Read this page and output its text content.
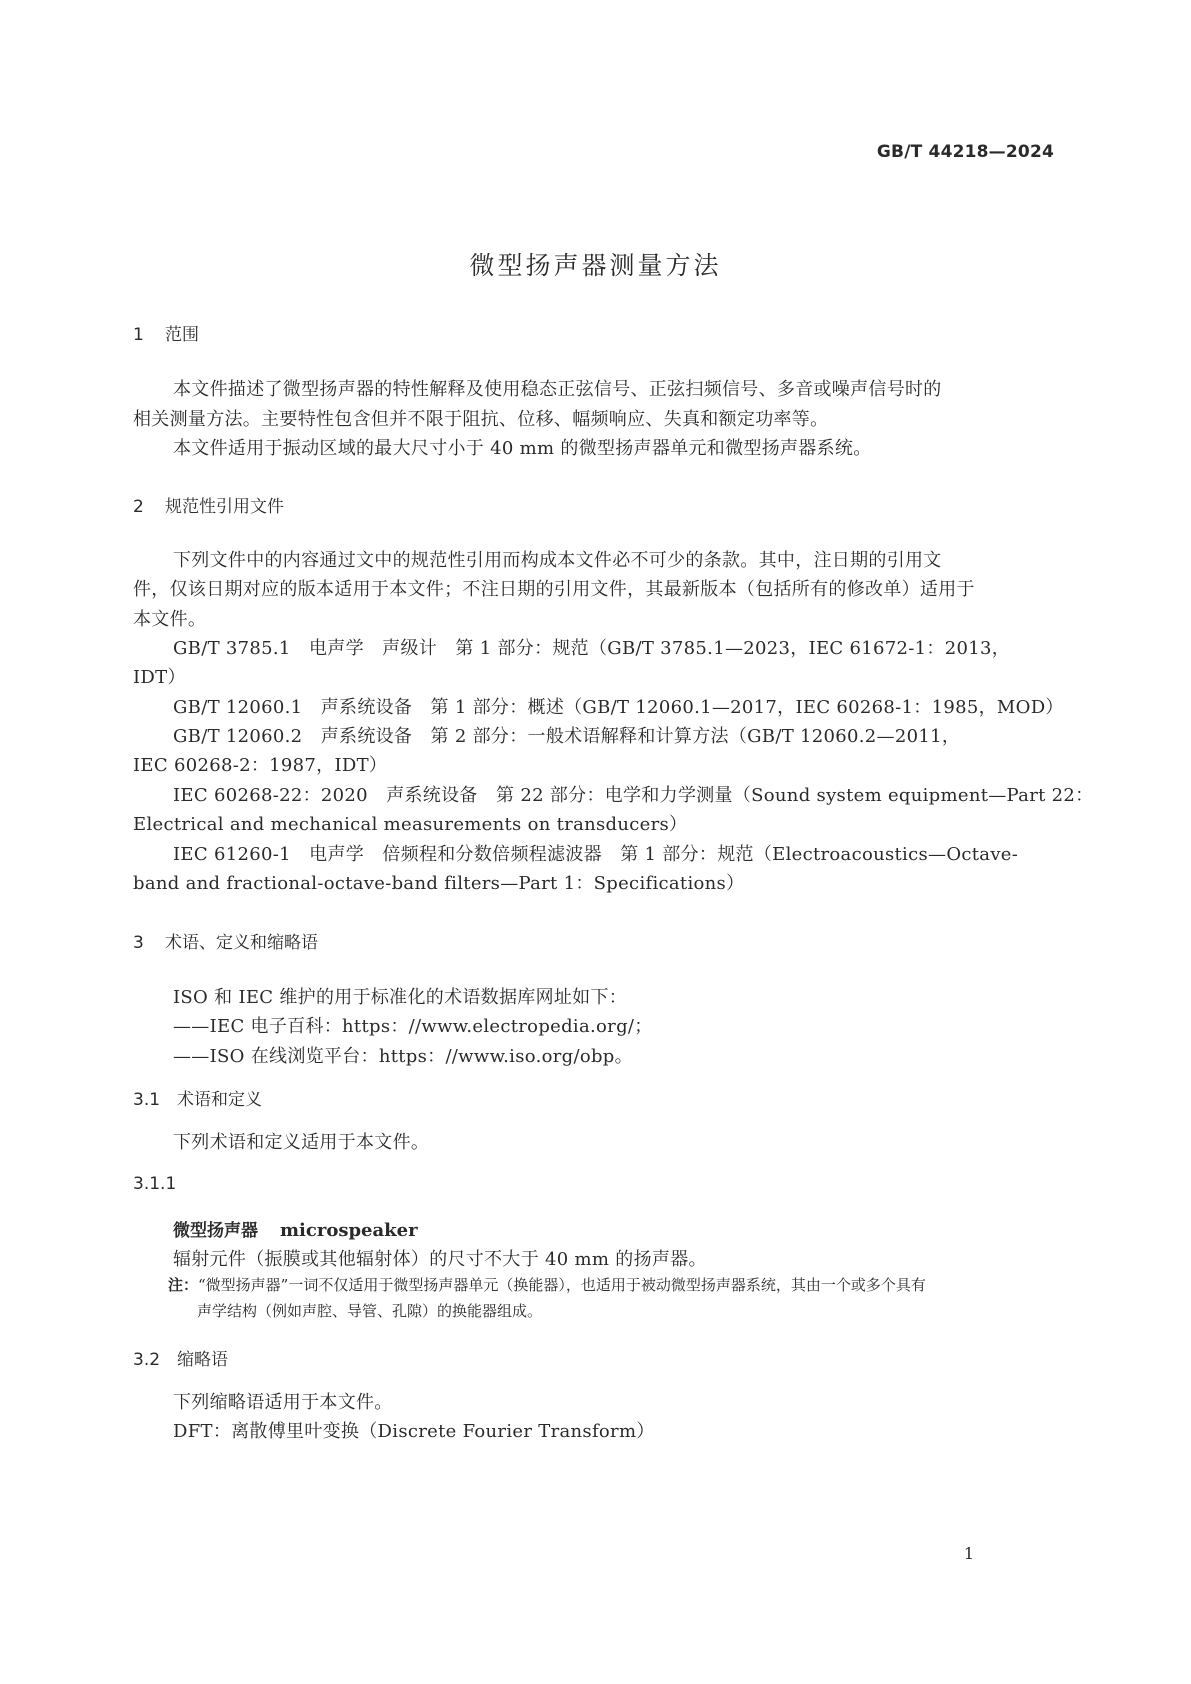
GB/T 44218—2024
微型扬声器测量方法
1 范围
本文件描述了微型扬声器的特性解释及使用稳态正弦信号、正弦扫频信号、多音或噪声信号时的
相关测量方法。主要特性包含但并不限于阻抗、位移、幅频响应、失真和额定功率等。
本文件适用于振动区域的最大尺寸小于 40 mm 的微型扬声器单元和微型扬声器系统。
2 规范性引用文件
下列文件中的内容通过文中的规范性引用而构成本文件必不可少的条款。其中，注日期的引用文
件，仅该日期对应的版本适用于本文件；不注日期的引用文件，其最新版本（包括所有的修改单）适用于
本文件。
GB/T 3785.1　电声学　声级计　第 1 部分：规范（GB/T 3785.1—2023，IEC 61672-1：2013，
IDT）
GB/T 12060.1　声系统设备　第 1 部分：概述（GB/T 12060.1—2017，IEC 60268-1：1985，MOD）
GB/T 12060.2　声系统设备　第 2 部分：一般术语解释和计算方法（GB/T 12060.2—2011，
IEC 60268-2：1987，IDT）
IEC 60268-22：2020　声系统设备　第 22 部分：电学和力学测量（Sound system equipment—Part 22：
Electrical and mechanical measurements on transducers）
IEC 61260-1　电声学　倍频程和分数倍频程滤波器　第 1 部分：规范（Electroacoustics—Octave-
band and fractional-octave-band filters—Part 1：Specifications）
3 术语、定义和缩略语
ISO 和 IEC 维护的用于标准化的术语数据库网址如下：
——IEC 电子百科：https：//www.electropedia.org/；
——ISO 在线浏览平台：https：//www.iso.org/obp。
3.1 术语和定义
下列术语和定义适用于本文件。
3.1.1
微型扬声器 microspeaker
辐射元件（振膜或其他辐射体）的尺寸不大于 40 mm 的扬声器。
注：“微型扬声器”一词不仅适用于微型扬声器单元（换能器），也适用于被动微型扬声器系统，其由一个或多个具有
声学结构（例如声腔、导管、孔隙）的换能器组成。
3.2 缩略语
下列缩略语适用于本文件。
DFT：离散傅里叶变换（Discrete Fourier Transform）
1
